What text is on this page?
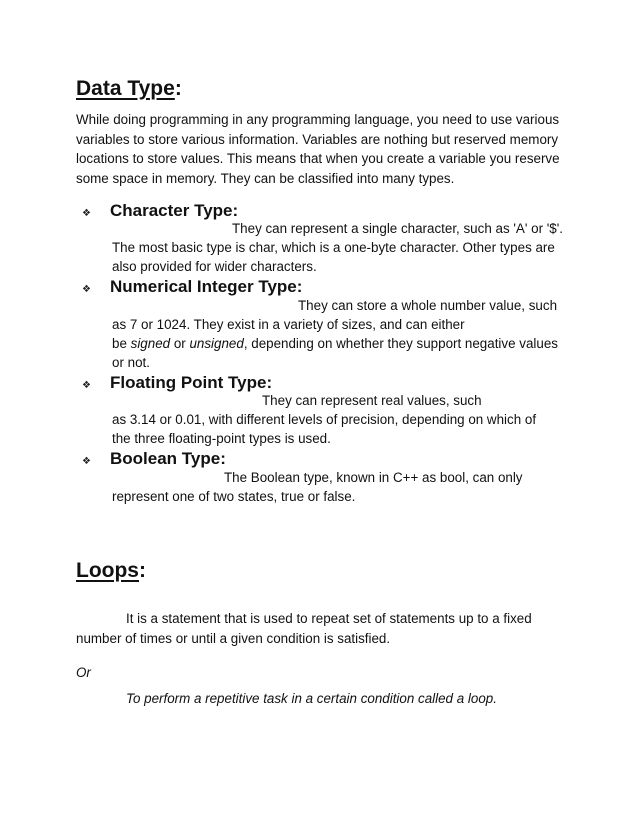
Data Type:

While doing programming in any programming language, you need to use various variables to store various information. Variables are nothing but reserved memory locations to store values. This means that when you create a variable you reserve some space in memory. They can be classified into many types.

❖ Character Type:

They can represent a single character, such as 'A' or '$'.

The most basic type is char, which is a one-byte character. Other types are

also provided for wider characters.

❖ Numerical Integer Type:

They can store a whole number value, such

as 7 or 1024. They exist in a variety of sizes, and can either

be signed or unsigned, depending on whether they support negative values

or not.

❖ Floating Point Type:

They can represent real values, such

as 3.14 or 0.01, with different levels of precision, depending on which of

the three floating-point types is used.

❖ Boolean Type:

The Boolean type, known in C++ as bool, can only

represent one of two states, true or false.

Loops:

It is a statement that is used to repeat set of statements up to a fixed

number of times or until a given condition is satisfied.

Or

To perform a repetitive task in a certain condition called a loop.
